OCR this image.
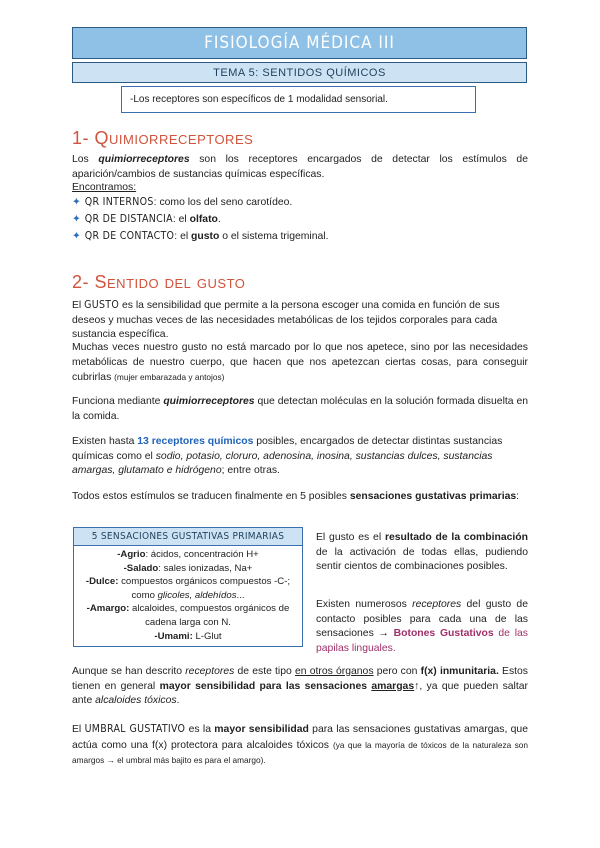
FISIOLOGÍA MÉDICA III
TEMA 5: SENTIDOS QUÍMICOS
-Los receptores son específicos de 1 modalidad sensorial.
1- Quimiorreceptores
Los quimiorreceptores son los receptores encargados de detectar los estímulos de aparición/cambios de sustancias químicas específicas.
Encontramos:
✦ QR INTERNOS: como los del seno carotídeo.
✦ QR DE DISTANCIA: el olfato.
✦ QR DE CONTACTO: el gusto o el sistema trigeminal.
2- Sentido del gusto
El GUSTO es la sensibilidad que permite a la persona escoger una comida en función de sus deseos y muchas veces de las necesidades metabólicas de los tejidos corporales para cada sustancia específica.
Muchas veces nuestro gusto no está marcado por lo que nos apetece, sino por las necesidades metabólicas de nuestro cuerpo, que hacen que nos apetezcan ciertas cosas, para conseguir cubrirlas (mujer embarazada y antojos)
Funciona mediante quimiorreceptores que detectan moléculas en la solución formada disuelta en la comida.
Existen hasta 13 receptores químicos posibles, encargados de detectar distintas sustancias químicas como el sodio, potasio, cloruro, adenosina, inosina, sustancias dulces, sustancias amargas, glutamato e hidrógeno; entre otras.
Todos estos estímulos se traducen finalmente en 5 posibles sensaciones gustativas primarias:
5 SENSACIONES GUSTATIVAS PRIMARIAS
-Agrio: ácidos, concentración H+
-Salado: sales ionizadas, Na+
-Dulce: compuestos orgánicos compuestos -C-;
como glicoles, aldehídos...
-Amargo: alcaloides, compuestos orgánicos de cadena larga con N.
-Umami: L-Glut
El gusto es el resultado de la combinación de la activación de todas ellas, pudiendo sentir cientos de combinaciones posibles.
Existen numerosos receptores del gusto de contacto posibles para cada una de las sensaciones → Botones Gustativos de las papilas linguales.
Aunque se han descrito receptores de este tipo en otros órganos pero con f(x) inmunitaria. Estos tienen en general mayor sensibilidad para las sensaciones amargas↑, ya que pueden saltar ante alcaloides tóxicos.
El UMBRAL GUSTATIVO es la mayor sensibilidad para las sensaciones gustativas amargas, que actúa como una f(x) protectora para alcaloides tóxicos (ya que la mayoría de tóxicos de la naturaleza son amargos → el umbral más bajito es para el amargo).
